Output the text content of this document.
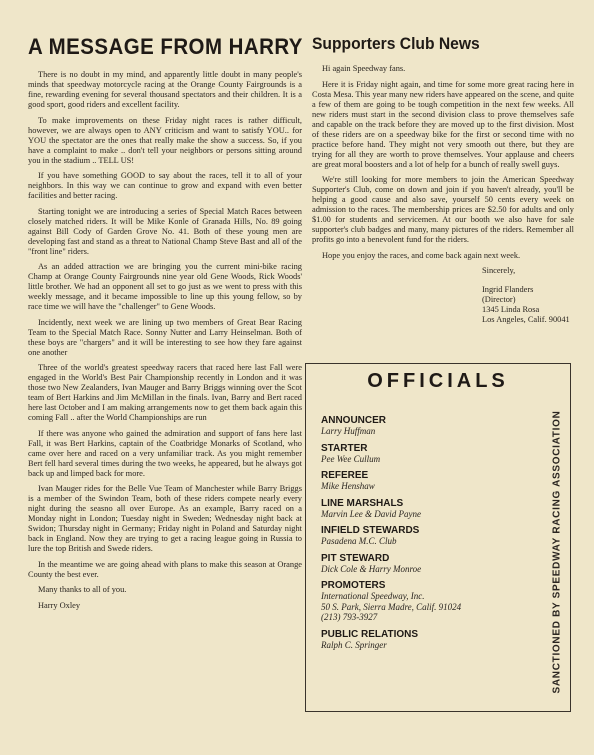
A MESSAGE FROM HARRY

There is no doubt in my mind, and apparently little doubt in many people's minds that speedway motorcycle racing at the Orange County Fairgrounds is a fine, rewarding evening for several thousand spectators and their children. It is a good sport, good riders and excellent facility.

To make improvements on these Friday night races is rather difficult, however, we are always open to ANY criticism and want to satisfy YOU.. for YOU the spectator are the ones that really make the show a success. So, if you have a complaint to make .. don't tell your neighbors or persons sitting around you in the stadium .. TELL US!

If you have something GOOD to say about the races, tell it to all of your neighbors. In this way we can continue to grow and expand with even better facilities and better racing.

Starting tonight we are introducing a series of Special Match Races between closely matched riders. It will be Mike Konle of Granada Hills, No. 89 going against Bill Cody of Garden Grove No. 41. Both of these young men are developing fast and stand as a threat to National Champ Steve Bast and all of the "front line" riders.

As an added attraction we are bringing you the current mini-bike racing Champ at Orange County Fairgrounds nine year old Gene Woods, Rick Woods' little brother. We had an opponent all set to go just as we went to press with this weekly message, and it became impossible to line up this young fellow, so by race time we will have the "challenger" to Gene Woods.

Incidently, next week we are lining up two members of Great Bear Racing Team to the Special Match Race. Sonny Nutter and Larry Heinselman. Both of these boys are "chargers" and it will be interesting to see how they fare against one another

Three of the world's greatest speedway racers that raced here last Fall were engaged in the World's Best Pair Championship recently in London and it was those two New Zealanders, Ivan Mauger and Barry Briggs winning over the Scot team of Bert Harkins and Jim McMillan in the finals. Ivan, Barry and Bert raced here last October and I am making arrangements now to get them back again this coming Fall .. after the World Championships are run

If there was anyone who gained the admiration and support of fans here last Fall, it was Bert Harkins, captain of the Coatbridge Monarks of Scotland, who came over here and raced on a very unfamiliar track. As you might remember Bert fell hard several times during the two weeks, he appeared, but he always got back up and limped back for more.

Ivan Mauger rides for the Belle Vue Team of Manchester while Barry Briggs is a member of the Swindon Team, both of these riders compete nearly every night during the seasno all over Europe. As an example, Barry raced on a Monday night in London; Tuesday night in Sweden; Wednesday night back at Swidon; Thursday night in Germany; Friday night in Poland and Saturday night back in England. Now they are trying to get a racing league going in Russia to lure the top British and Swede riders.

In the meantime we are going ahead with plans to make this season at Orange County the best ever.

Many thanks to all of you.

Harry Oxley

Supporters Club News

Hi again Speedway fans.

Here it is Friday night again, and time for some more great racing here in Costa Mesa. This year many new riders have appeared on the scene, and quite a few of them are going to be tough competition in the next few weeks. All new riders must start in the second division class to prove themselves safe and capable on the track before they are moved up to the first division. Most of these riders are on a speedway bike for the first or second time with no practice before hand. They might not very smooth out there, but they are trying for all they are worth to prove themselves. Your applause and cheers are great moral boosters and a lot of help for a bunch of really swell guys.

We're still looking for more members to join the American Speedway Supporter's Club, come on down and join if you haven't already, you'll be helping a good cause and also save, yourself 50 cents every week on admission to the races. The membership prices are $2.50 for adults and only $1.00 for students and servicemen. At our booth we also have for sale supporter's club badges and many, many pictures of the riders. Remember all profits go into a benevolent fund for the riders.

Hope you enjoy the races, and come back again next week.

Sincerely,
Ingrid Flanders
(Director)
1345 Linda Rosa
Los Angeles, Calif. 90041
OFFICIALS
ANNOUNCER
Larry Huffman
STARTER
Pee Wee Cullum
REFEREE
Mike Henshaw
LINE MARSHALS
Marvin Lee & David Payne
INFIELD STEWARDS
Pasadena M.C. Club
PIT STEWARD
Dick Cole & Harry Monroe
PROMOTERS
International Speedway, Inc.
50 S. Park, Sierra Madre, Calif. 91024
(213) 793-3927
PUBLIC RELATIONS
Ralph C. Springer	SANCTIONED BY SPEEDWAY RACING ASSOCIATION
